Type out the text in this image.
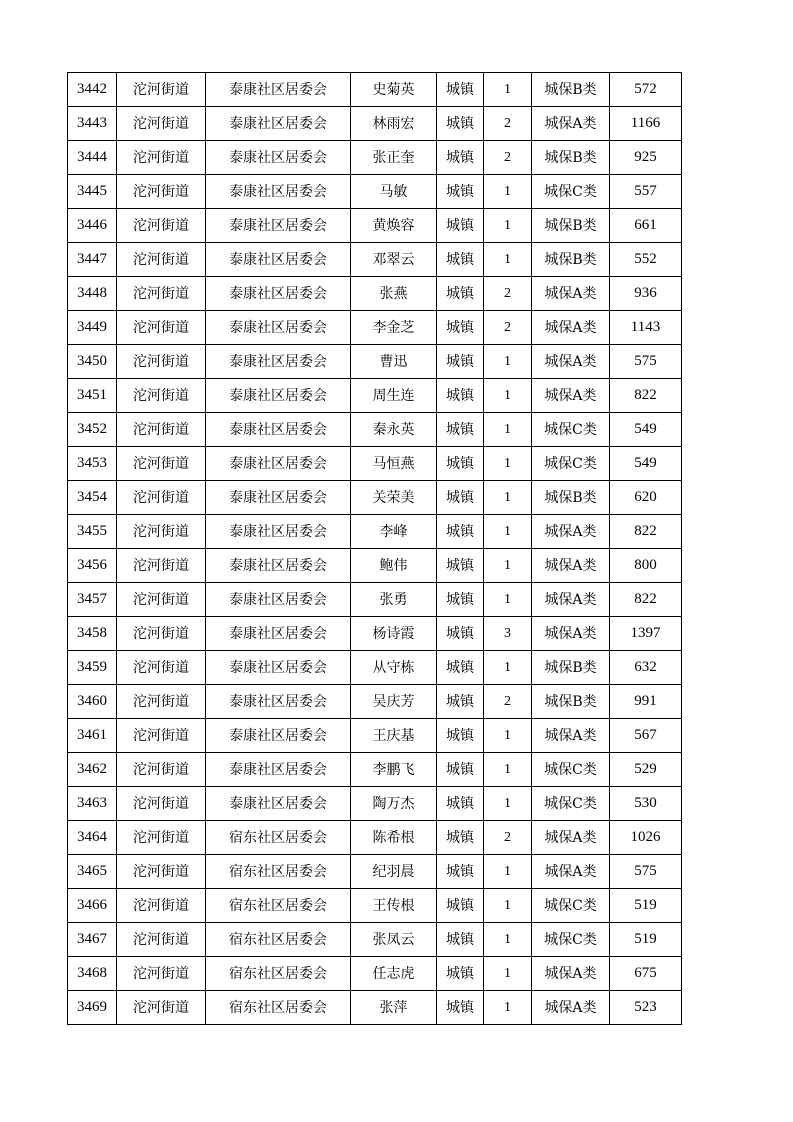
3442	沱河街道	泰康社区居委会	史菊英	城镇	1	城保B类	572
3443	沱河街道	泰康社区居委会	林雨宏	城镇	2	城保A类	1166
3444	沱河街道	泰康社区居委会	张正奎	城镇	2	城保B类	925
3445	沱河街道	泰康社区居委会	马敏	城镇	1	城保C类	557
3446	沱河街道	泰康社区居委会	黄焕容	城镇	1	城保B类	661
3447	沱河街道	泰康社区居委会	邓翠云	城镇	1	城保B类	552
3448	沱河街道	泰康社区居委会	张燕	城镇	2	城保A类	936
3449	沱河街道	泰康社区居委会	李金芝	城镇	2	城保A类	1143
3450	沱河街道	泰康社区居委会	曹迅	城镇	1	城保A类	575
3451	沱河街道	泰康社区居委会	周生连	城镇	1	城保A类	822
3452	沱河街道	泰康社区居委会	秦永英	城镇	1	城保C类	549
3453	沱河街道	泰康社区居委会	马恒燕	城镇	1	城保C类	549
3454	沱河街道	泰康社区居委会	关荣美	城镇	1	城保B类	620
3455	沱河街道	泰康社区居委会	李峰	城镇	1	城保A类	822
3456	沱河街道	泰康社区居委会	鲍伟	城镇	1	城保A类	800
3457	沱河街道	泰康社区居委会	张勇	城镇	1	城保A类	822
3458	沱河街道	泰康社区居委会	杨诗霞	城镇	3	城保A类	1397
3459	沱河街道	泰康社区居委会	从守栋	城镇	1	城保B类	632
3460	沱河街道	泰康社区居委会	吴庆芳	城镇	2	城保B类	991
3461	沱河街道	泰康社区居委会	王庆基	城镇	1	城保A类	567
3462	沱河街道	泰康社区居委会	李鹏飞	城镇	1	城保C类	529
3463	沱河街道	泰康社区居委会	陶万杰	城镇	1	城保C类	530
3464	沱河街道	宿东社区居委会	陈希根	城镇	2	城保A类	1026
3465	沱河街道	宿东社区居委会	纪羽晨	城镇	1	城保A类	575
3466	沱河街道	宿东社区居委会	王传根	城镇	1	城保C类	519
3467	沱河街道	宿东社区居委会	张凤云	城镇	1	城保C类	519
3468	沱河街道	宿东社区居委会	任志虎	城镇	1	城保A类	675
3469	沱河街道	宿东社区居委会	张萍	城镇	1	城保A类	523
